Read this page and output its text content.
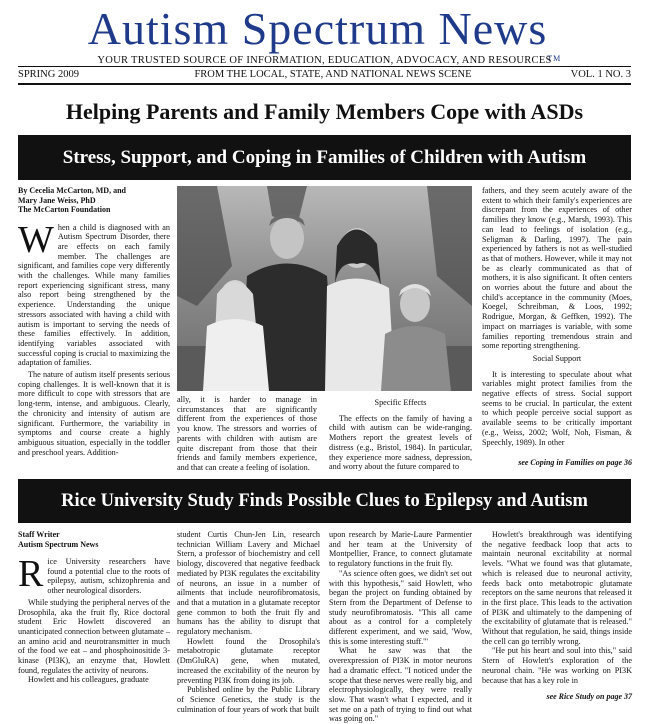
Autism Spectrum News™
YOUR TRUSTED SOURCE OF INFORMATION, EDUCATION, ADVOCACY, AND RESOURCES
SPRING 2009	FROM THE LOCAL, STATE, AND NATIONAL NEWS SCENE	VOL. 1 NO. 3
Helping Parents and Family Members Cope with ASDs
Stress, Support, and Coping in Families of Children with Autism
By Cecelia McCarton, MD, and
Mary Jane Weiss, PhD
The McCarton Foundation
W hen a child is diagnosed with an Autism Spectrum Disorder, there are effects on each family member. The challenges are significant, and families cope very differently with the challenges. While many families report experiencing significant stress, many also report being strengthened by the experience. Understanding the unique stressors associated with having a child with autism is important to serving the needs of these families effectively. In addition, identifying variables associated with successful coping is crucial to maximizing the adaptation of families.
The nature of autism itself presents serious coping challenges. It is well-known that it is more difficult to cope with stressors that are long-term, intense, and ambiguous. Clearly, the chronicity and intensity of autism are significant. Furthermore, the variability in symptoms and course create a highly ambiguous situation, especially in the toddler and preschool years. Addition-
ally, it is harder to manage in circumstances that are significantly different from the experiences of those you know. The stressors and worries of parents with children with autism are quite discrepant from those that their friends and family members experience, and that can create a feeling of isolation.
Specific Effects
The effects on the family of having a child with autism can be wide-ranging. Mothers report the greatest levels of distress (e.g., Bristol, 1984). In particular, they experience more sadness, depression, and worry about the future compared to
fathers, and they seem acutely aware of the extent to which their family's experiences are discrepant from the experiences of other families they know (e.g., Marsh, 1993). This can lead to feelings of isolation (e.g., Seligman & Darling, 1997). The pain experienced by fathers is not as well-studied as that of mothers. However, while it may not be as clearly communicated as that of mothers, it is also significant. It often centers on worries about the future and about the child's acceptance in the community (Moes, Koegel, Schreibman, & Loos, 1992; Rodrigue, Morgan, & Geffken, 1992). The impact on marriages is variable, with some families reporting tremendous strain and some reporting strengthening.
Social Support
It is interesting to speculate about what variables might protect families from the negative effects of stress. Social support seems to be crucial. In particular, the extent to which people perceive social support as available seems to be critically important (e.g., Weiss, 2002; Wolf, Noh, Fisman, & Speechly, 1989). In other
see Coping in Families on page 36
Rice University Study Finds Possible Clues to Epilepsy and Autism
Staff Writer
Autism Spectrum News
R ice University researchers have found a potential clue to the roots of epilepsy, autism, schizophrenia and other neurological disorders.
While studying the peripheral nerves of the Drosophila, aka the fruit fly, Rice doctoral student Eric Howlett discovered an unanticipated connection between glutamate – an amino acid and neurotransmitter in much of the food we eat – and phosphoinositide 3-kinase (PI3K), an enzyme that, Howlett found, regulates the activity of neurons.
Howlett and his colleagues, graduate
student Curtis Chun-Jen Lin, research technician William Lavery and Michael Stern, a professor of biochemistry and cell biology, discovered that negative feedback mediated by PI3K regulates the excitability of neurons, an issue in a number of ailments that include neurofibromatosis, and that a mutation in a glutamate receptor gene common to both the fruit fly and humans has the ability to disrupt that regulatory mechanism.
Howlett found the Drosophila's metabotropic glutamate receptor (DmGluRA) gene, when mutated, increased the excitability of the neuron by preventing PI3K from doing its job.
Published online by the Public Library of Science Genetics, the study is the culmination of four years of work that built
upon research by Marie-Laure Parmentier and her team at the University of Montpellier, France, to connect glutamate to regulatory functions in the fruit fly.
"As science often goes, we didn't set out with this hypothesis," said Howlett, who began the project on funding obtained by Stern from the Department of Defense to study neurofibromatosis. "This all came about as a control for a completely different experiment, and we said, 'Wow, this is some interesting stuff.'"
What he saw was that the overexpression of PI3K in motor neurons had a dramatic effect. "I noticed under the scope that these nerves were really big, and electrophysiologically, they were really slow. That wasn't what I expected, and it set me on a path of trying to find out what was going on."
Howlett's breakthrough was identifying the negative feedback loop that acts to maintain neuronal excitability at normal levels. "What we found was that glutamate, which is released due to neuronal activity, feeds back onto metabotropic glutamate receptors on the same neurons that released it in the first place. This leads to the activation of PI3K and ultimately to the dampening of the excitability of glutamate that is released." Without that regulation, he said, things inside the cell can go terribly wrong.
"He put his heart and soul into this," said Stern of Howlett's exploration of the neuronal chain. "He was working on PI3K because that has a key role in
see Rice Study on page 37
